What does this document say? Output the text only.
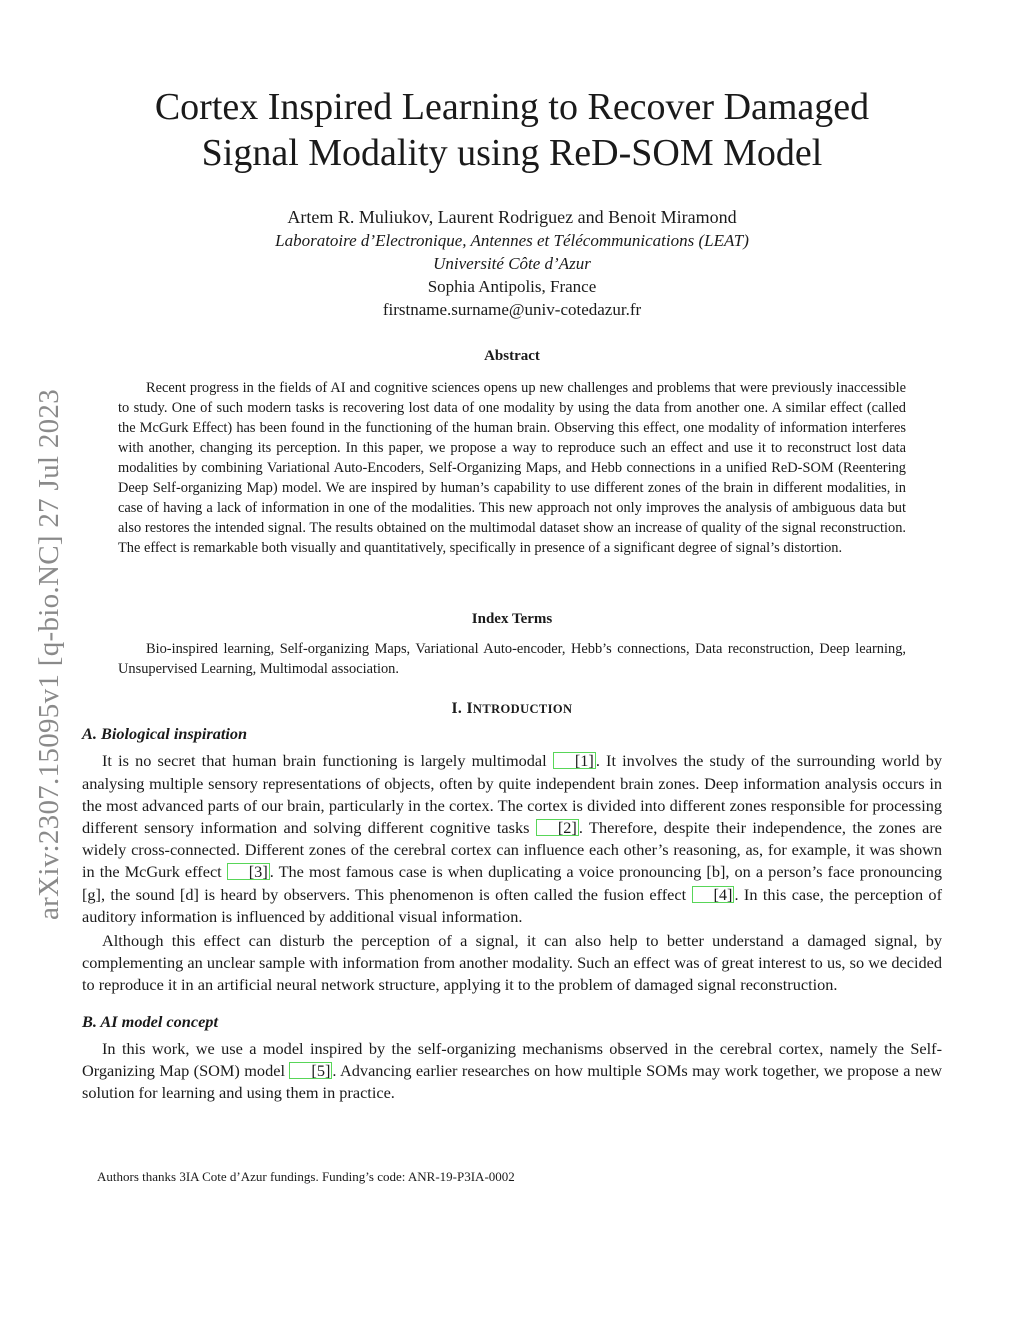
arXiv:2307.15095v1 [q-bio.NC] 27 Jul 2023
Cortex Inspired Learning to Recover Damaged
Signal Modality using ReD-SOM Model
Artem R. Muliukov, Laurent Rodriguez and Benoit Miramond
Laboratoire d’Electronique, Antennes et Télécommunications (LEAT)
Université Côte d’Azur
Sophia Antipolis, France
firstname.surname@univ-cotedazur.fr
Abstract

Recent progress in the fields of AI and cognitive sciences opens up new challenges and problems that were previously inaccessible to study. One of such modern tasks is recovering lost data of one modality by using the data from another one. A similar effect (called the McGurk Effect) has been found in the functioning of the human brain. Observing this effect, one modality of information interferes with another, changing its perception. In this paper, we propose a way to reproduce such an effect and use it to reconstruct lost data modalities by combining Variational Auto-Encoders, Self-Organizing Maps, and Hebb connections in a unified ReD-SOM (Reentering Deep Self-organizing Map) model. We are inspired by human’s capability to use different zones of the brain in different modalities, in case of having a lack of information in one of the modalities. This new approach not only improves the analysis of ambiguous data but also restores the intended signal. The results obtained on the multimodal dataset show an increase of quality of the signal reconstruction. The effect is remarkable both visually and quantitatively, specifically in presence of a significant degree of signal’s distortion.

Index Terms

Bio-inspired learning, Self-organizing Maps, Variational Auto-encoder, Hebb’s connections, Data reconstruction, Deep learning, Unsupervised Learning, Multimodal association.

I. INTRODUCTION
A. Biological inspiration

It is no secret that human brain functioning is largely multimodal [1] . It involves the study of the surrounding world by analysing multiple sensory representations of objects, often by quite independent brain zones. Deep information analysis occurs in the most advanced parts of our brain, particularly in the cortex. The cortex is divided into different zones responsible for processing different sensory information and solving different cognitive tasks [2] . Therefore, despite their independence, the zones are widely cross-connected. Different zones of the cerebral cortex can influence each other’s reasoning, as, for example, it was shown in the McGurk effect [3] . The most famous case is when duplicating a voice pronouncing [b], on a person’s face pronouncing [g], the sound [d] is heard by observers. This phenomenon is often called the fusion effect [4] . In this case, the perception of auditory information is influenced by additional visual information.

Although this effect can disturb the perception of a signal, it can also help to better understand a damaged signal, by complementing an unclear sample with information from another modality. Such an effect was of great interest to us, so we decided to reproduce it in an artificial neural network structure, applying it to the problem of damaged signal reconstruction.

B. AI model concept

In this work, we use a model inspired by the self-organizing mechanisms observed in the cerebral cortex, namely the Self-Organizing Map (SOM) model [5] . Advancing earlier researches on how multiple SOMs may work together, we propose a new solution for learning and using them in practice.

Authors thanks 3IA Cote d’Azur fundings. Funding’s code: ANR-19-P3IA-0002
